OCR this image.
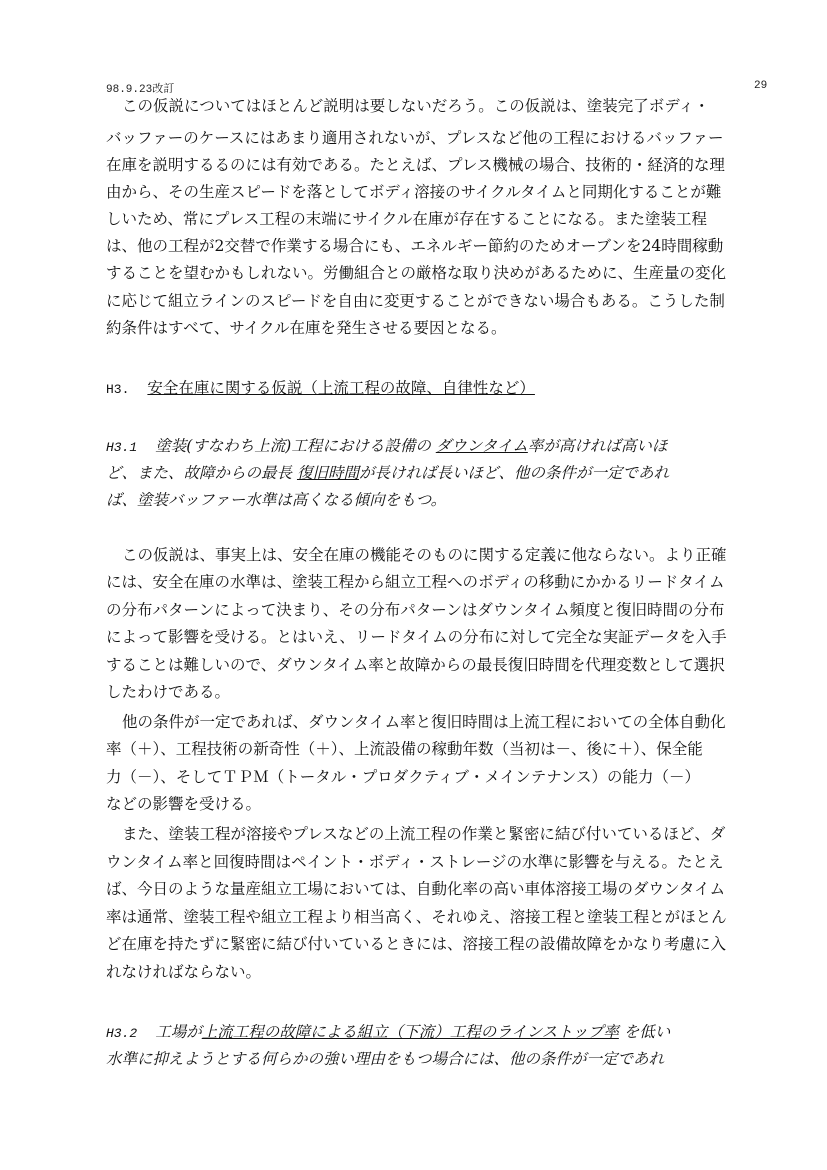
98.9.23改訂	29
この仮説についてはほとんど説明は要しないだろう。この仮説は、塗装完了ボディ・
バッファーのケースにはあまり適用されないが、プレスなど他の工程におけるバッファー
在庫を説明するるのには有効である。たとえば、プレス機械の場合、技術的・経済的な理
由から、その生産スピードを落としてボディ溶接のサイクルタイムと同期化することが難
しいため、常にプレス工程の末端にサイクル在庫が存在することになる。また塗装工程
は、他の工程が2交替で作業する場合にも、エネルギー節約のためオーブンを24時間稼動
することを望むかもしれない。労働組合との厳格な取り決めがあるために、生産量の変化
に応じて組立ラインのスピードを自由に変更することができない場合もある。こうした制
約条件はすべて、サイクル在庫を発生させる要因となる。
H3. 安全在庫に関する仮説（上流工程の故障、自律性など）
H3.1 塗装(すなわち上流)工程における設備の ダウンタイム率が高ければ高いほ
ど、また、故障からの最長 復旧時間が長ければ長いほど、他の条件が一定であれ
ば、塗装バッファー水準は高くなる傾向をもつ。
この仮説は、事実上は、安全在庫の機能そのものに関する定義に他ならない。より正確
には、安全在庫の水準は、塗装工程から組立工程へのボディの移動にかかるリードタイム
の分布パターンによって決まり、その分布パターンはダウンタイム頻度と復旧時間の分布
によって影響を受ける。とはいえ、リードタイムの分布に対して完全な実証データを入手
することは難しいので、ダウンタイム率と故障からの最長復旧時間を代理変数として選択
したわけである。
他の条件が一定であれば、ダウンタイム率と復旧時間は上流工程においての全体自動化
率（＋）、工程技術の新奇性（＋）、上流設備の稼動年数（当初は－、後に＋）、保全能
力（－）、そしてＴＰＭ（トータル・プロダクティブ・メインテナンス）の能力（－）
などの影響を受ける。
また、塗装工程が溶接やプレスなどの上流工程の作業と緊密に結び付いているほど、ダ
ウンタイム率と回復時間はペイント・ボディ・ストレージの水準に影響を与える。たとえ
ば、今日のような量産組立工場においては、自動化率の高い車体溶接工場のダウンタイム
率は通常、塗装工程や組立工程より相当高く、それゆえ、溶接工程と塗装工程とがほとん
ど在庫を持たずに緊密に結び付いているときには、溶接工程の設備故障をかなり考慮に入
れなければならない。
H3.2 工場が上流工程の故障による組立（下流）工程のラインストップ率 を低い
水準に抑えようとする何らかの強い理由をもつ場合には、他の条件が一定であれ
